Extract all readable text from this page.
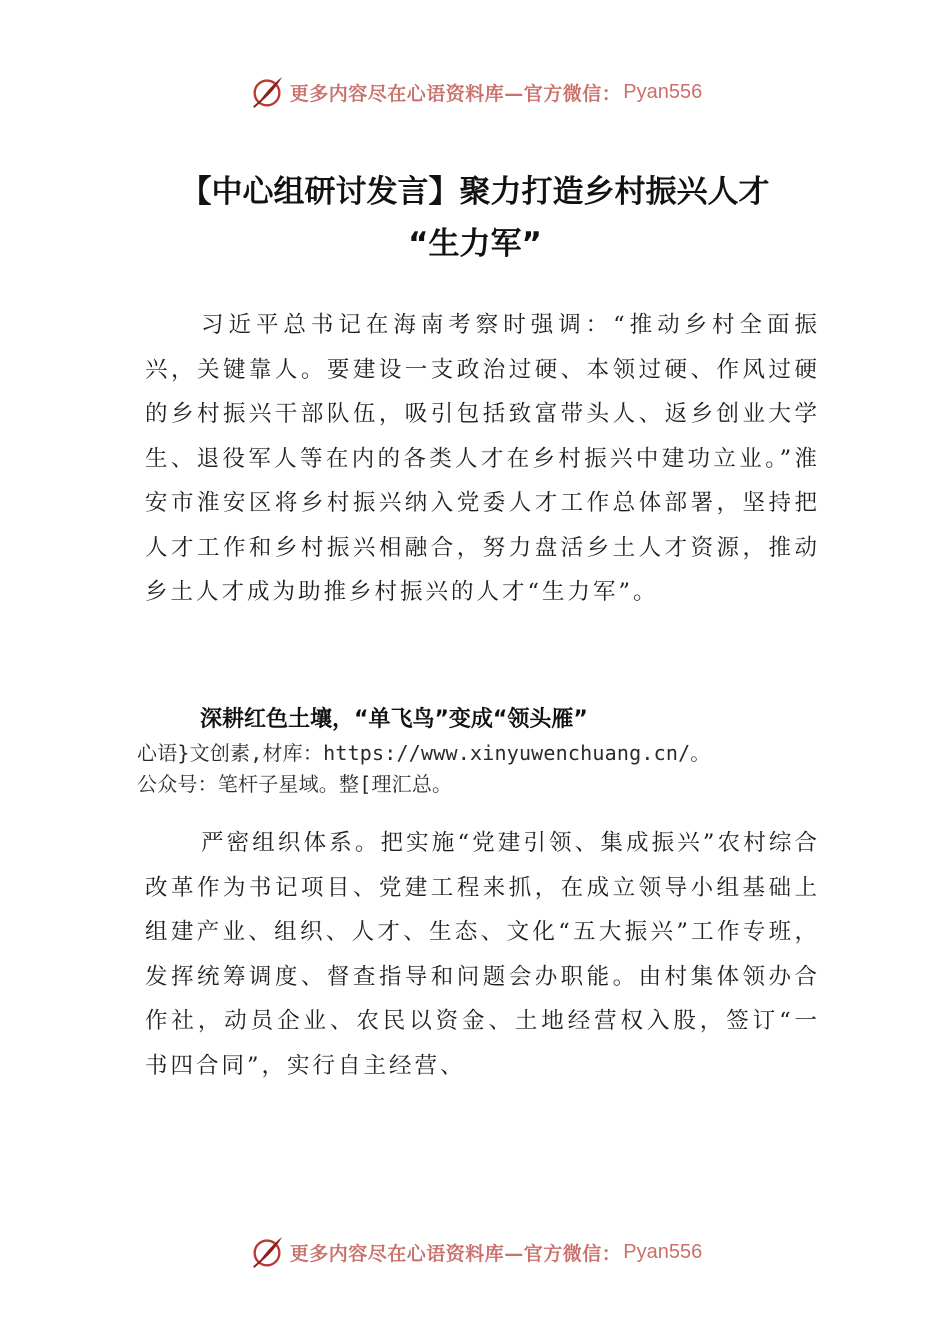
更多内容尽在心语资料库—官方微信： Pyan556
【中心组研讨发言】聚力打造乡村振兴人才
“生力军”

习近平总书记在海南考察时强调：“推动乡村全面振兴，关键靠人。要建设一支政治过硬、本领过硬、作风过硬的乡村振兴干部队伍，吸引包括致富带头人、返乡创业大学生、退役军人等在内的各类人才在乡村振兴中建功立业。”淮安市淮安区将乡村振兴纳入党委人才工作总体部署，坚持把人才工作和乡村振兴相融合，努力盘活乡土人才资源，推动乡土人才成为助推乡村振兴的人才“生力军”。

深耕红色土壤，“单飞鸟”变成“领头雁”

心语}文创素,材库：https://www.xinyuwenchuang.cn/。
公众号：笔杆子星域。整[理汇总。

严密组织体系。把实施“党建引领、集成振兴”农村综合改革作为书记项目、党建工程来抓，在成立领导小组基础上组建产业、组织、人才、生态、文化“五大振兴”工作专班，发挥统筹调度、督查指导和问题会办职能。由村集体领办合作社，动员企业、农民以资金、土地经营权入股，签订“一书四合同”，实行自主经营、

更多内容尽在心语资料库—官方微信： Pyan556
